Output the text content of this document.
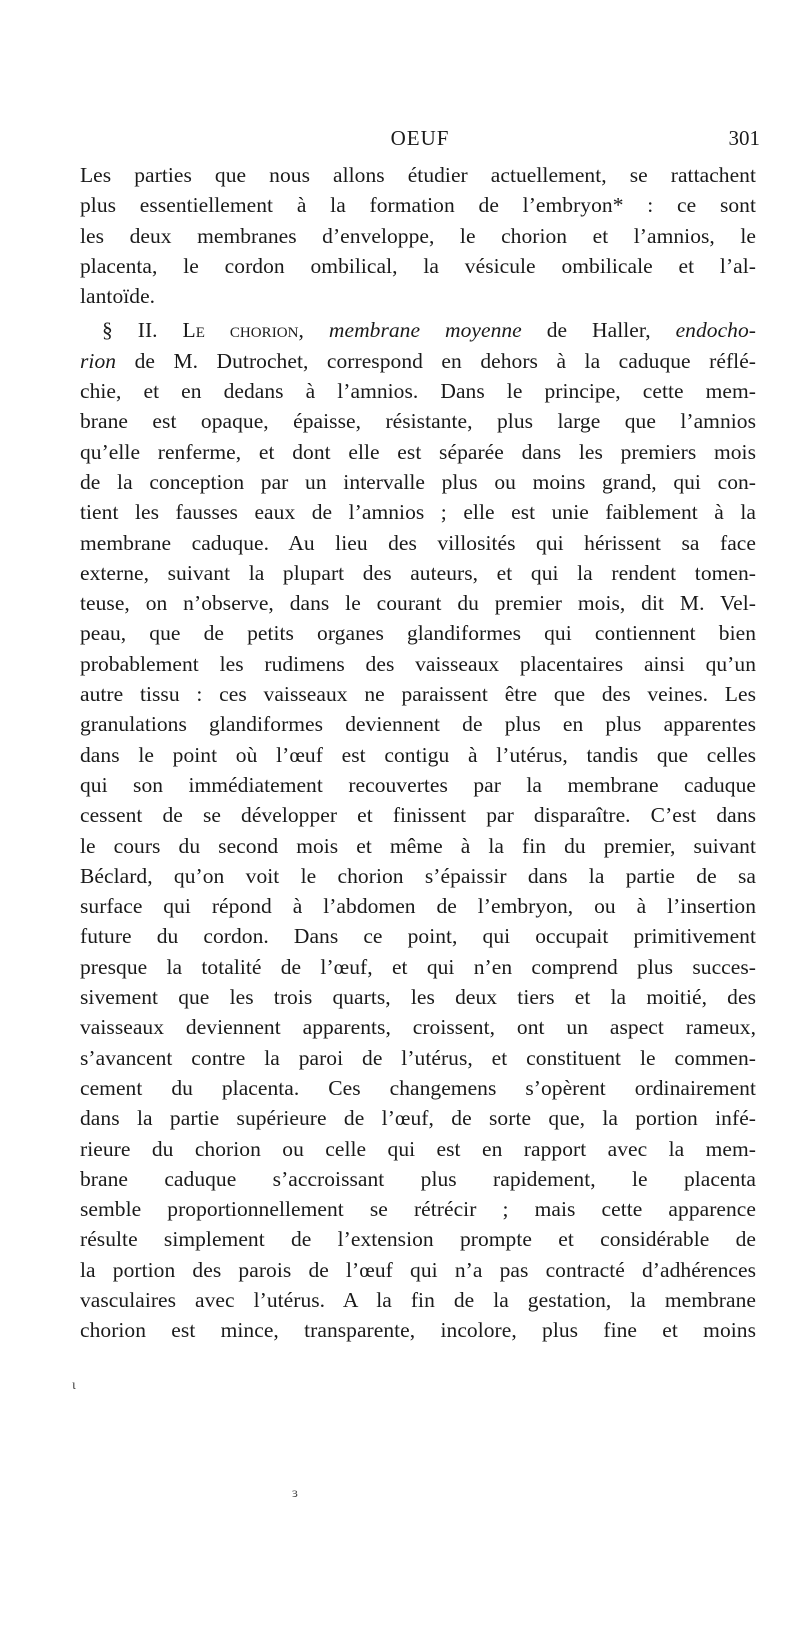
OEUF	301
Les parties que nous allons étudier actuellement, se rattachent
plus essentiellement à la formation de l’embryon* : ce sont
les deux membranes d’enveloppe, le chorion et l’amnios, le
placenta, le cordon ombilical, la vésicule ombilicale et l’al-
lantoïde.
§ II. Le chorion, membrane moyenne de Haller, endocho-
rion de M. Dutrochet, correspond en dehors à la caduque réflé-
chie, et en dedans à l’amnios. Dans le principe, cette mem-
brane est opaque, épaisse, résistante, plus large que l’amnios
qu’elle renferme, et dont elle est séparée dans les premiers mois
de la conception par un intervalle plus ou moins grand, qui con-
tient les fausses eaux de l’amnios ; elle est unie faiblement à la
membrane caduque. Au lieu des villosités qui hérissent sa face
externe, suivant la plupart des auteurs, et qui la rendent tomen-
teuse, on n’observe, dans le courant du premier mois, dit M. Vel-
peau, que de petits organes glandiformes qui contiennent bien
probablement les rudimens des vaisseaux placentaires ainsi qu’un
autre tissu : ces vaisseaux ne paraissent être que des veines. Les
granulations glandiformes deviennent de plus en plus apparentes
dans le point où l’œuf est contigu à l’utérus, tandis que celles
qui son immédiatement recouvertes par la membrane caduque
cessent de se développer et finissent par disparaître. C’est dans
le cours du second mois et même à la fin du premier, suivant
Béclard, qu’on voit le chorion s’épaissir dans la partie de sa
surface qui répond à l’abdomen de l’embryon, ou à l’insertion
future du cordon. Dans ce point, qui occupait primitivement
presque la totalité de l’œuf, et qui n’en comprend plus succes-
sivement que les trois quarts, les deux tiers et la moitié, des
vaisseaux deviennent apparents, croissent, ont un aspect rameux,
s’avancent contre la paroi de l’utérus, et constituent le commen-
cement du placenta. Ces changemens s’opèrent ordinairement
dans la partie supérieure de l’œuf, de sorte que, la portion infé-
rieure du chorion ou celle qui est en rapport avec la mem-
brane caduque s’accroissant plus rapidement, le placenta
semble proportionnellement se rétrécir ; mais cette apparence
résulte simplement de l’extension prompte et considérable de
la portion des parois de l’œuf qui n’a pas contracté d’adhérences
vasculaires avec l’utérus. A la fin de la gestation, la membrane
chorion est mince, transparente, incolore, plus fine et moins
ι
ɜ
